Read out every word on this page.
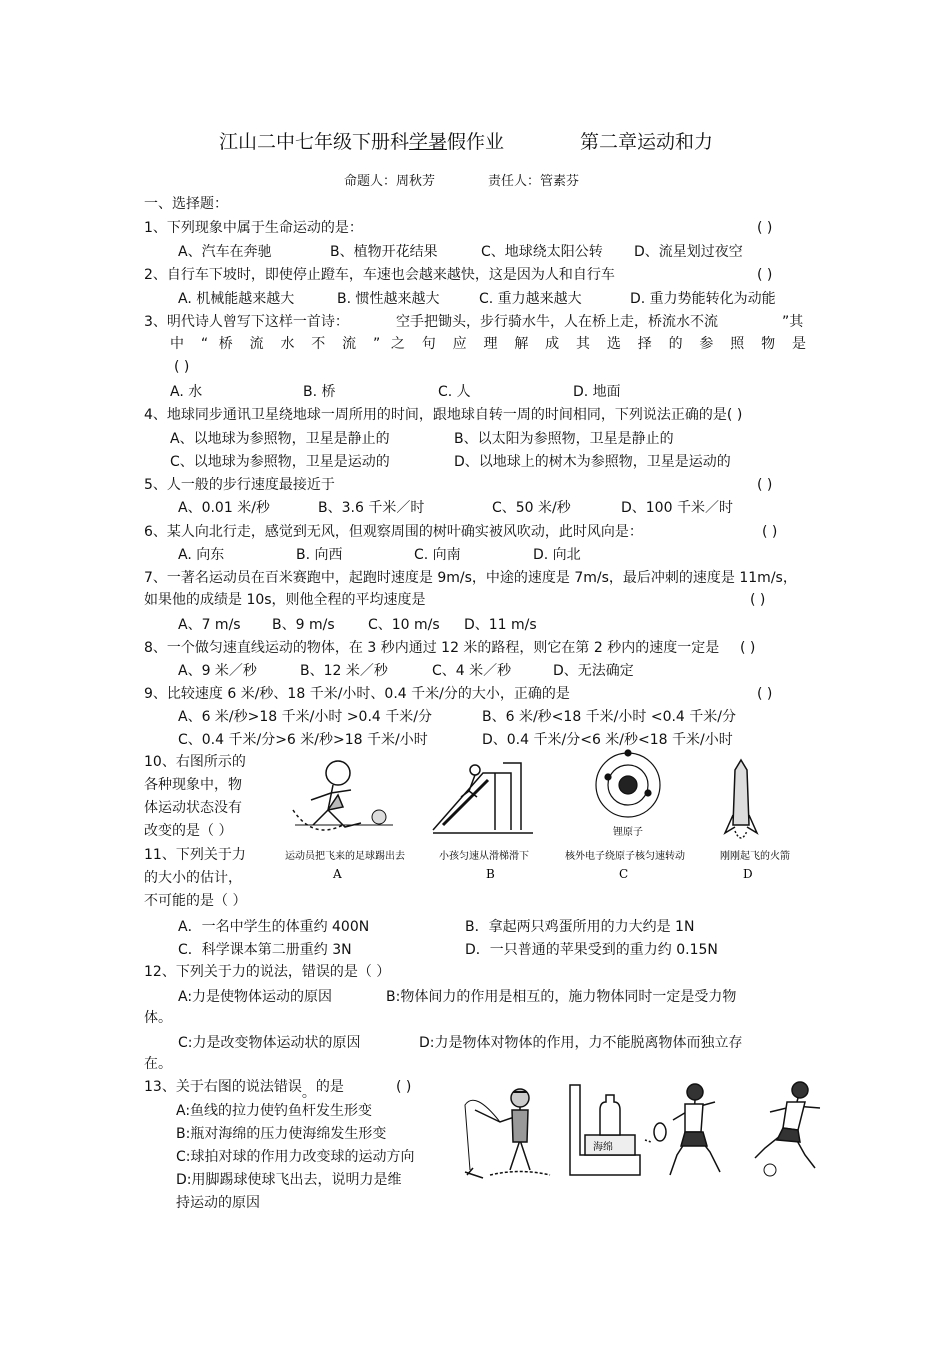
江山二中七年级下册科学暑假作业	第二章运动和力
命题人：周秋芳	责任人：管素芬
一、选择题：
1、下列现象中属于生命运动的是：	( )
A、汽车在奔驰	B、植物开花结果	C、地球绕太阳公转 D、流星划过夜空
2、自行车下坡时，即使停止蹬车，车速也会越来越快，这是因为人和自行车	( )
A. 机械能越来越大	B. 惯性越来越大	C. 重力越来越大	D. 重力势能转化为动能
3、明代诗人曾写下这样一首诗：	空手把锄头，步行骑水牛，人在桥上走，桥流水不流	”其
中 “ 桥 流 水 不 流 ” 之 句 应 理 解 成 其 选 择 的 参 照 物 是
( )
A. 水	B. 桥	C. 人	D. 地面
4、地球同步通讯卫星绕地球一周所用的时间，跟地球自转一周的时间相同，下列说法正确的是( )
A、以地球为参照物，卫星是静止的	B、以太阳为参照物，卫星是静止的
C、以地球为参照物，卫星是运动的	D、以地球上的树木为参照物，卫星是运动的
5、人一般的步行速度最接近于	( )
A、0.01 米/秒	B、3.6 千米／时	C、50 米/秒	D、100 千米／时
6、某人向北行走，感觉到无风，但观察周围的树叶确实被风吹动，此时风向是：	( )
A. 向东	B. 向西	C. 向南	D. 向北
7、一著名运动员在百米赛跑中，起跑时速度是 9m/s，中途的速度是 7m/s，最后冲刺的速度是 11m/s，
如果他的成绩是 10s，则他全程的平均速度是	( )
A、7 m/s B、9 m/s C、10 m/s D、11 m/s
8、一个做匀速直线运动的物体，在 3 秒内通过 12 米的路程，则它在第 2 秒内的速度一定是 ( )
A、9 米／秒	B、12 米／秒	C、4 米／秒	D、无法确定
9、比较速度 6 米/秒、18 千米/小时、0.4 千米/分的大小，正确的是	( )
A、6 米/秒>18 千米/小时 >0.4 千米/分	B、6 米/秒<18 千米/小时 <0.4 千米/分
C、0.4 千米/分>6 米/秒>18 千米/小时	D、0.4 千米/分<6 米/秒<18 千米/小时
10、右图所示的
各种现象中，物
体运动状态没有
改变的是（ ）	锂原子
运动员把飞来的足球踢出去	小孩匀速从滑梯滑下	核外电子绕原子核匀速转动	刚刚起飞的火箭
A	B	C	D
11、下列关于力
的大小的估计，
不可能的是（ ）
A．一名中学生的体重约 400N	B．拿起两只鸡蛋所用的力大约是 1N
C．科学课本第二册重约 3N	D．一只普通的苹果受到的重力约 0.15N
12、下列关于力的说法，错误的是（ ）
A:力是使物体运动的原因	B:物体间力的作用是相互的，施力物体同时一定是受力物
体。
C:力是改变物体运动状的原因	D:力是物体对物体的作用，力不能脱离物体而独立存
在。
13、关于右图的说法错误。的是	( )
A:鱼线的拉力使钓鱼杆发生形变
B:瓶对海绵的压力使海绵发生形变
C:球拍对球的作用力改变球的运动方向
D:用脚踢球使球飞出去，说明力是维
持运动的原因
海绵
